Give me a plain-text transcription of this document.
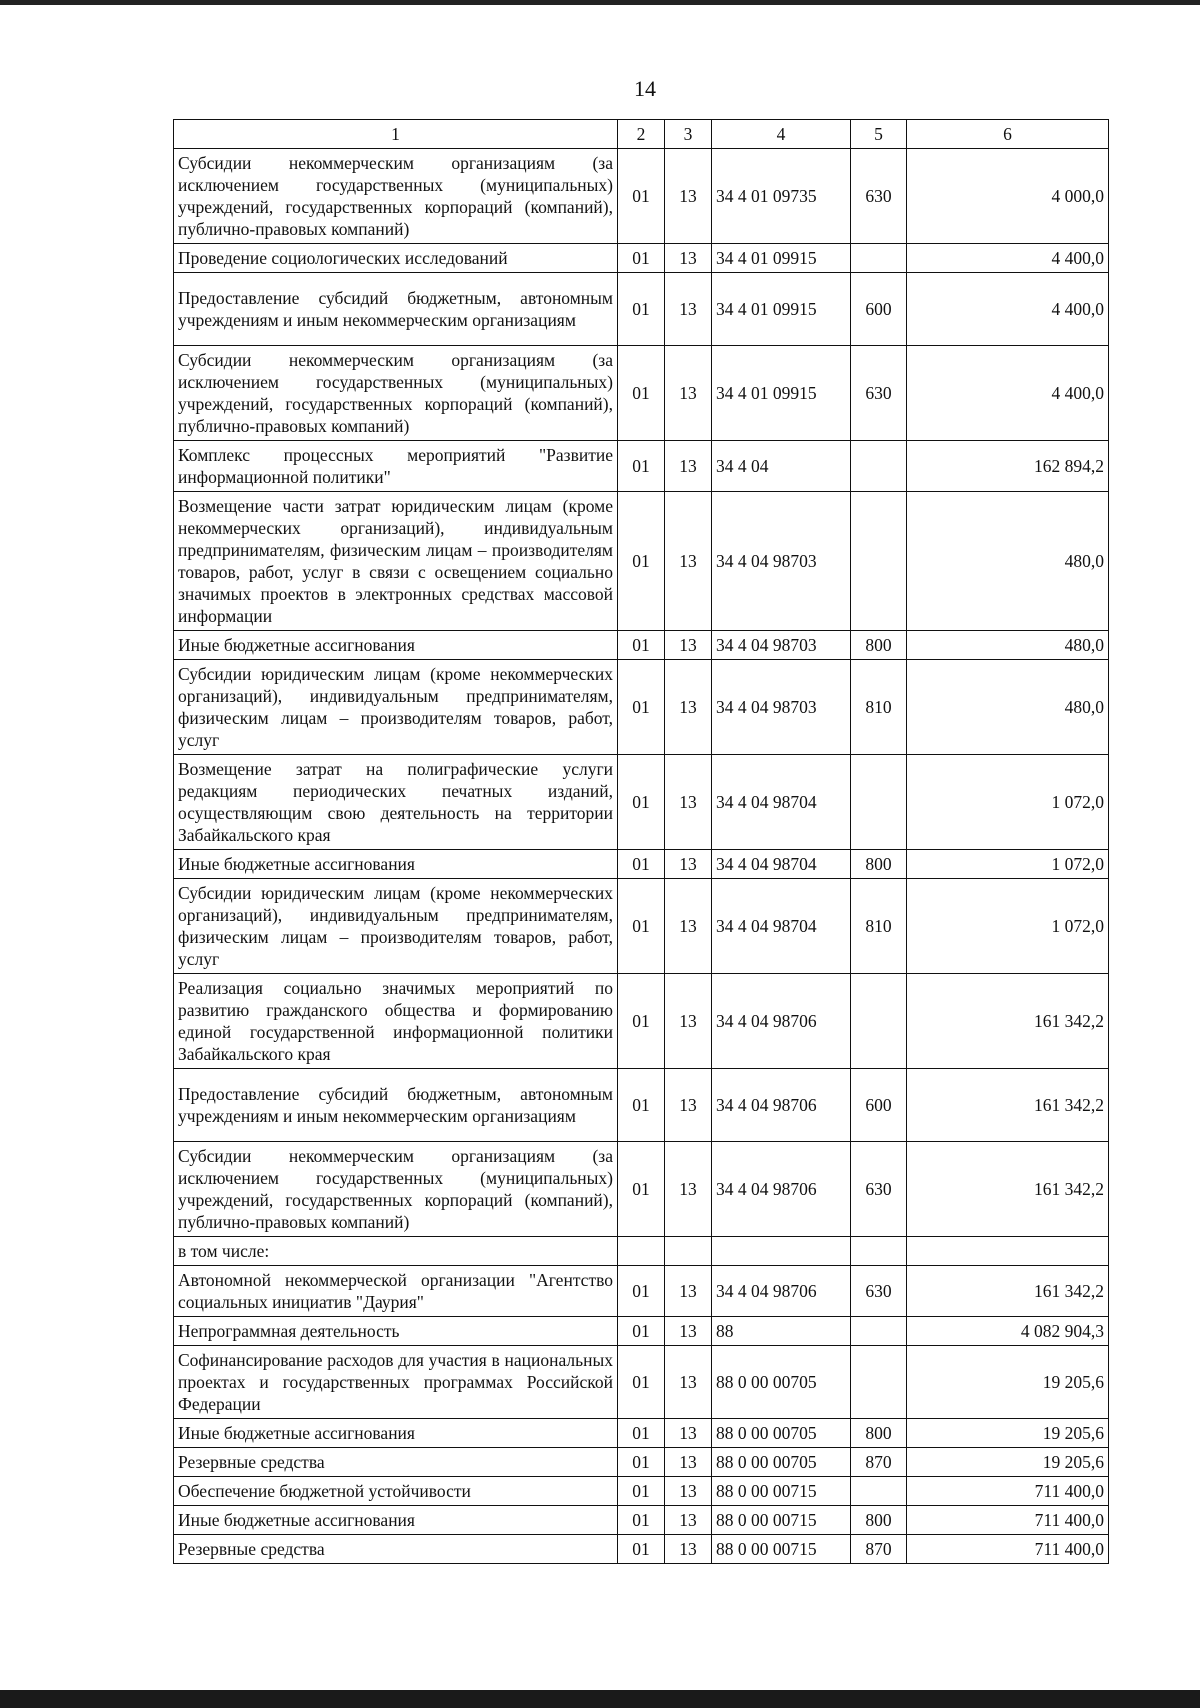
14
1	2	3	4	5	6
Субсидии некоммерческим организациям (за исключением государственных (муниципальных) учреждений, государственных корпораций (компаний), публично-правовых компаний)	01	13	34 4 01 09735	630	4 000,0
Проведение социологических исследований	01	13	34 4 01 09915		4 400,0
Предоставление субсидий бюджетным, автономным учреждениям и иным некоммерческим организациям	01	13	34 4 01 09915	600	4 400,0
Субсидии некоммерческим организациям (за исключением государственных (муниципальных) учреждений, государственных корпораций (компаний), публично-правовых компаний)	01	13	34 4 01 09915	630	4 400,0
Комплекс процессных мероприятий "Развитие информационной политики"	01	13	34 4 04		162 894,2
Возмещение части затрат юридическим лицам (кроме некоммерческих организаций), индивидуальным предпринимателям, физическим лицам – производителям товаров, работ, услуг в связи с освещением социально значимых проектов в электронных средствах массовой информации	01	13	34 4 04 98703		480,0
Иные бюджетные ассигнования	01	13	34 4 04 98703	800	480,0
Субсидии юридическим лицам (кроме некоммерческих организаций), индивидуальным предпринимателям, физическим лицам – производителям товаров, работ, услуг	01	13	34 4 04 98703	810	480,0
Возмещение затрат на полиграфические услуги редакциям периодических печатных изданий, осуществляющим свою деятельность на территории Забайкальского края	01	13	34 4 04 98704		1 072,0
Иные бюджетные ассигнования	01	13	34 4 04 98704	800	1 072,0
Субсидии юридическим лицам (кроме некоммерческих организаций), индивидуальным предпринимателям, физическим лицам – производителям товаров, работ, услуг	01	13	34 4 04 98704	810	1 072,0
Реализация социально значимых мероприятий по развитию гражданского общества и формированию единой государственной информационной политики Забайкальского края	01	13	34 4 04 98706		161 342,2
Предоставление субсидий бюджетным, автономным учреждениям и иным некоммерческим организациям	01	13	34 4 04 98706	600	161 342,2
Субсидии некоммерческим организациям (за исключением государственных (муниципальных) учреждений, государственных корпораций (компаний), публично-правовых компаний)	01	13	34 4 04 98706	630	161 342,2
в том числе:					
Автономной некоммерческой организации "Агентство социальных инициатив "Даурия"	01	13	34 4 04 98706	630	161 342,2
Непрограммная деятельность	01	13	88		4 082 904,3
Софинансирование расходов для участия в национальных проектах и государственных программах Российской Федерации	01	13	88 0 00 00705		19 205,6
Иные бюджетные ассигнования	01	13	88 0 00 00705	800	19 205,6
Резервные средства	01	13	88 0 00 00705	870	19 205,6
Обеспечение бюджетной устойчивости	01	13	88 0 00 00715		711 400,0
Иные бюджетные ассигнования	01	13	88 0 00 00715	800	711 400,0
Резервные средства	01	13	88 0 00 00715	870	711 400,0
